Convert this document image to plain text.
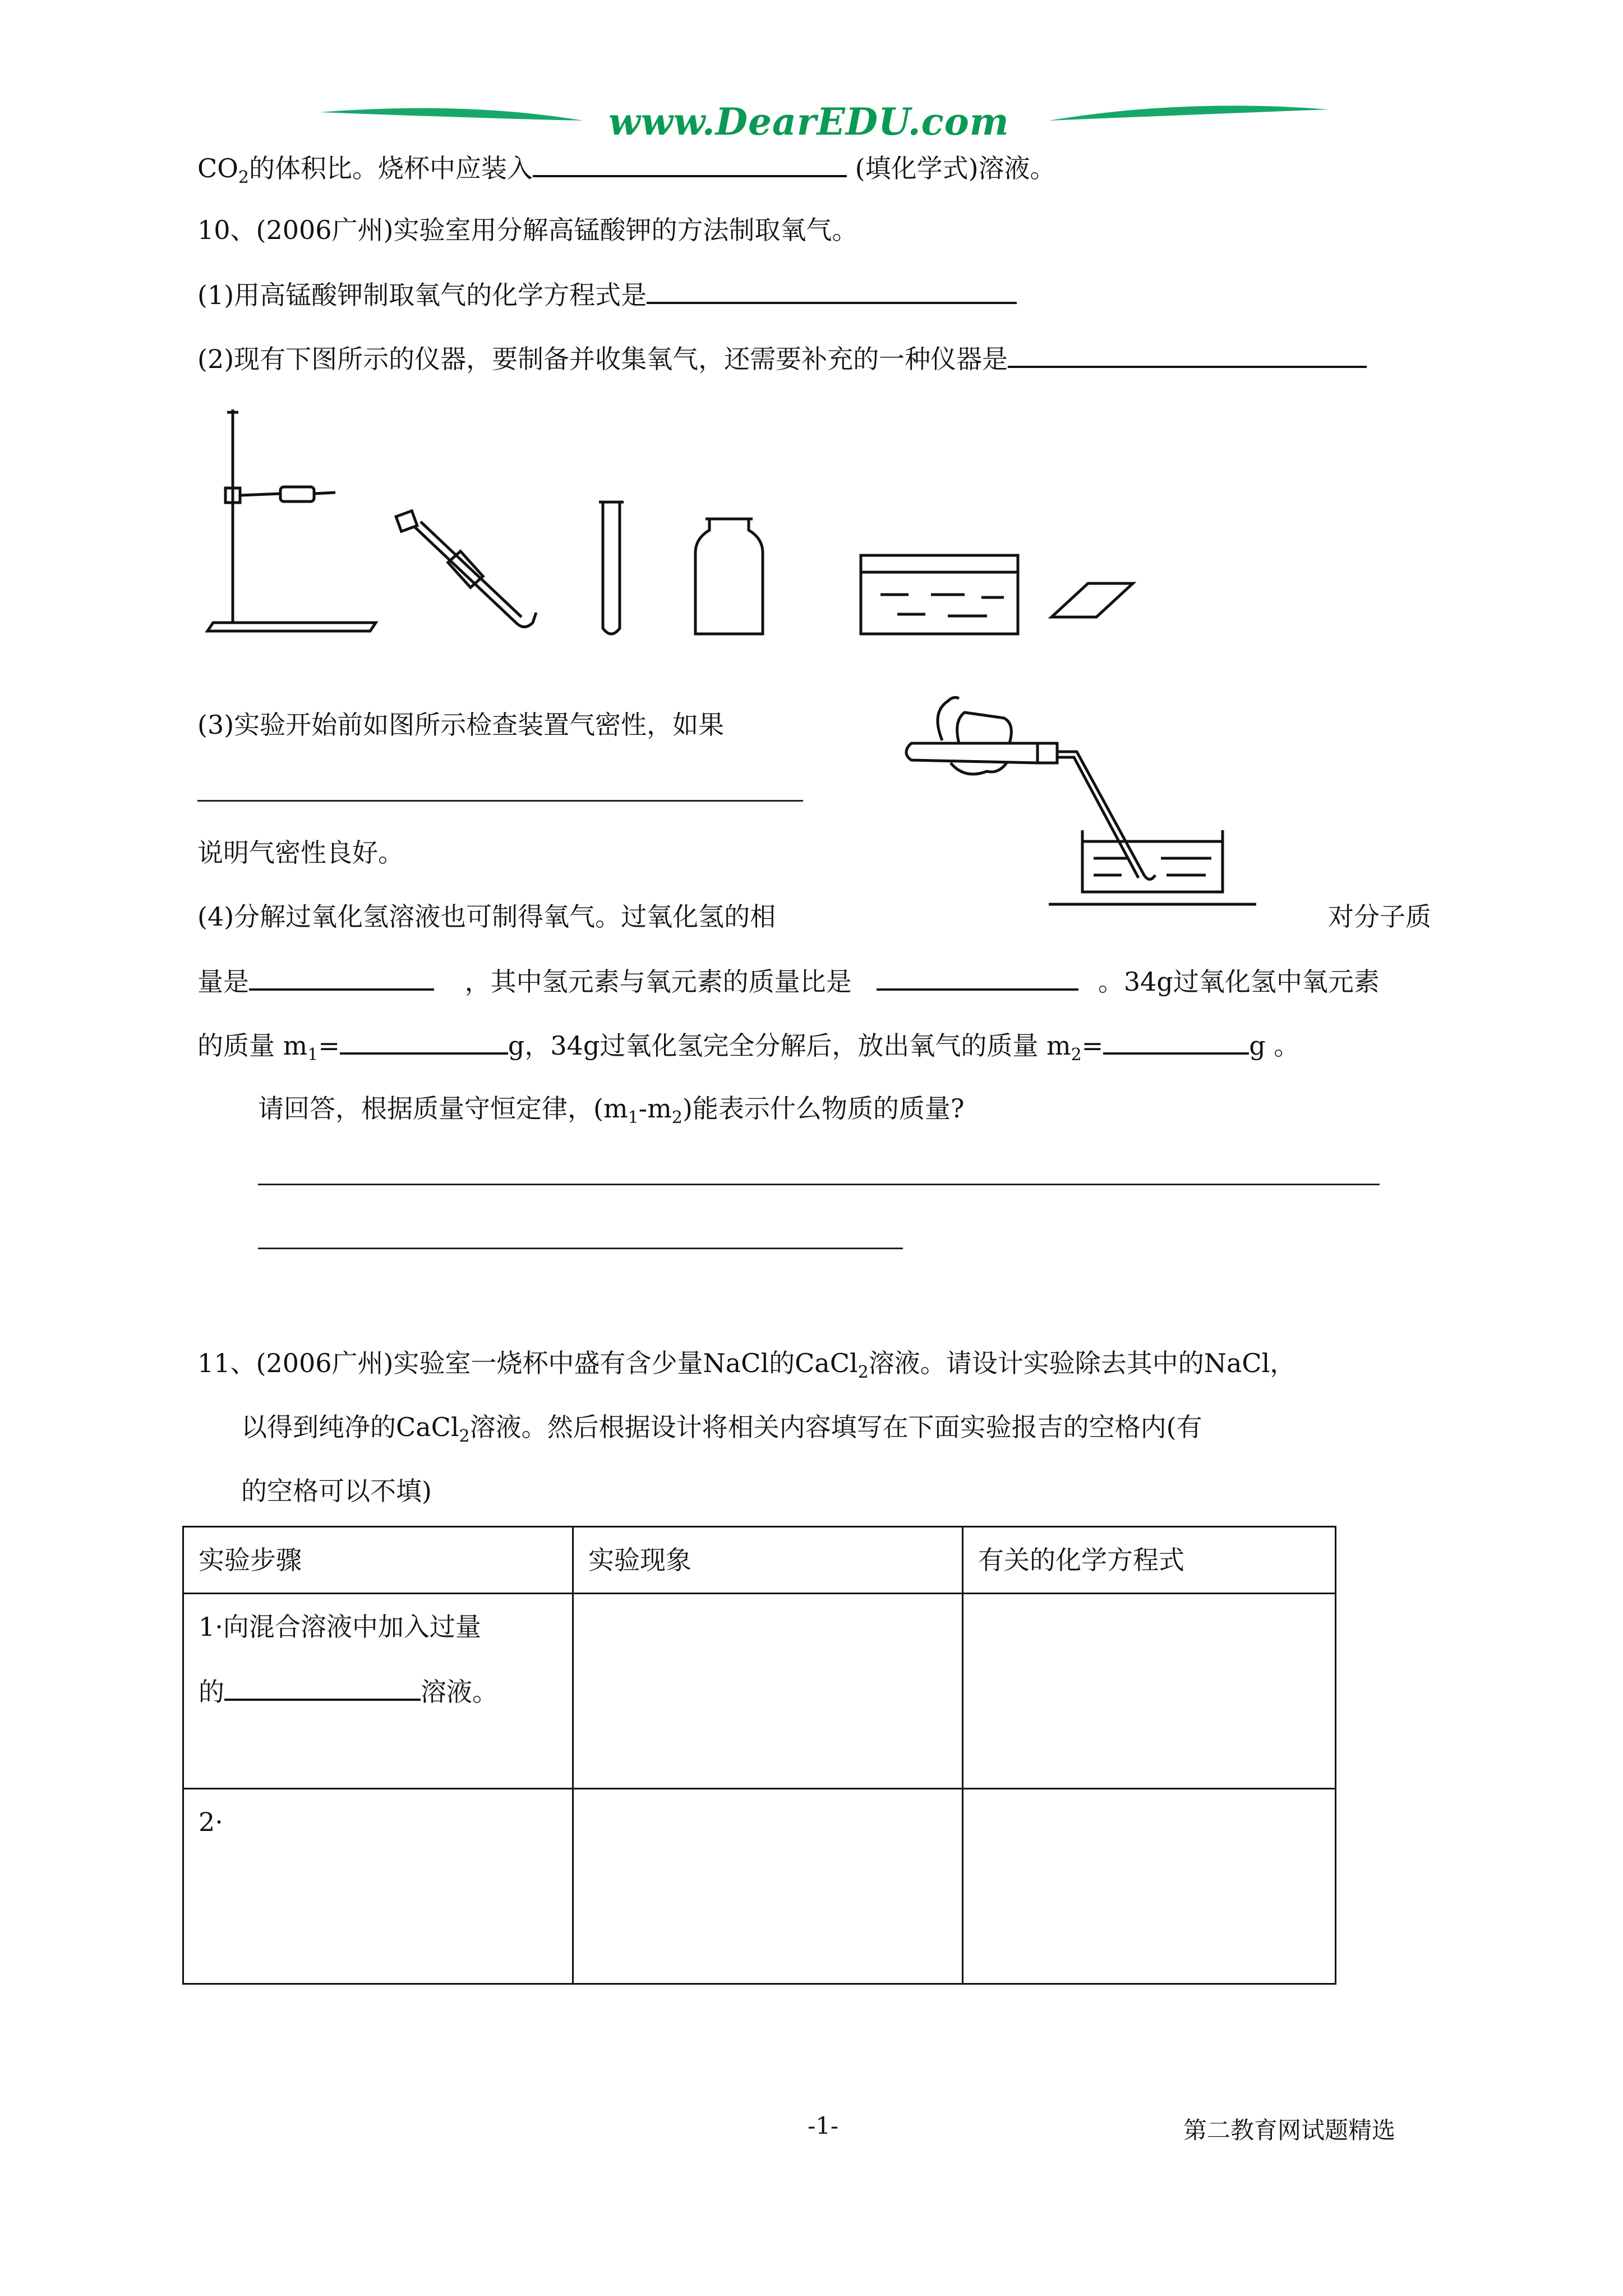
www.DearEDU.com
$CO_2$的体积比。烧杯中应装入	(填化学式)溶液。
10、(2006广州)实验室用分解高锰酸钾的方法制取氧气。
(1)用高锰酸钾制取氧气的化学方程式是
(2)现有下图所示的仪器，要制备并收集氧气，还需要补充的一种仪器是
(3)实验开始前如图所示检查装置气密性，如果
说明气密性良好。
(4)分解过氧化氢溶液也可制得氧气。过氧化氢的相	对分子质
量是	，其中氢元素与氧元素的质量比是	。34g过氧化氢中氧元素
的质量 $m_1=$	g，34g过氧化氢完全分解后，放出氧气的质量 $m_2=$	g 。
请回答，根据质量守恒定律，$(m_1-m_2)$能表示什么物质的质量?
11、(2006广州)实验室一烧杯中盛有含少量NaCl的CaCl$_2$溶液。请设计实验除去其中的NaCl，
以得到纯净的CaCl$_2$溶液。然后根据设计将相关内容填写在下面实验报吉的空格内(有
的空格可以不填)
实验步骤	实验现象	有关的化学方程式

1·向混合溶液中加入过量
的 溶液。		

2·		
-1-	第二教育网试题精选
